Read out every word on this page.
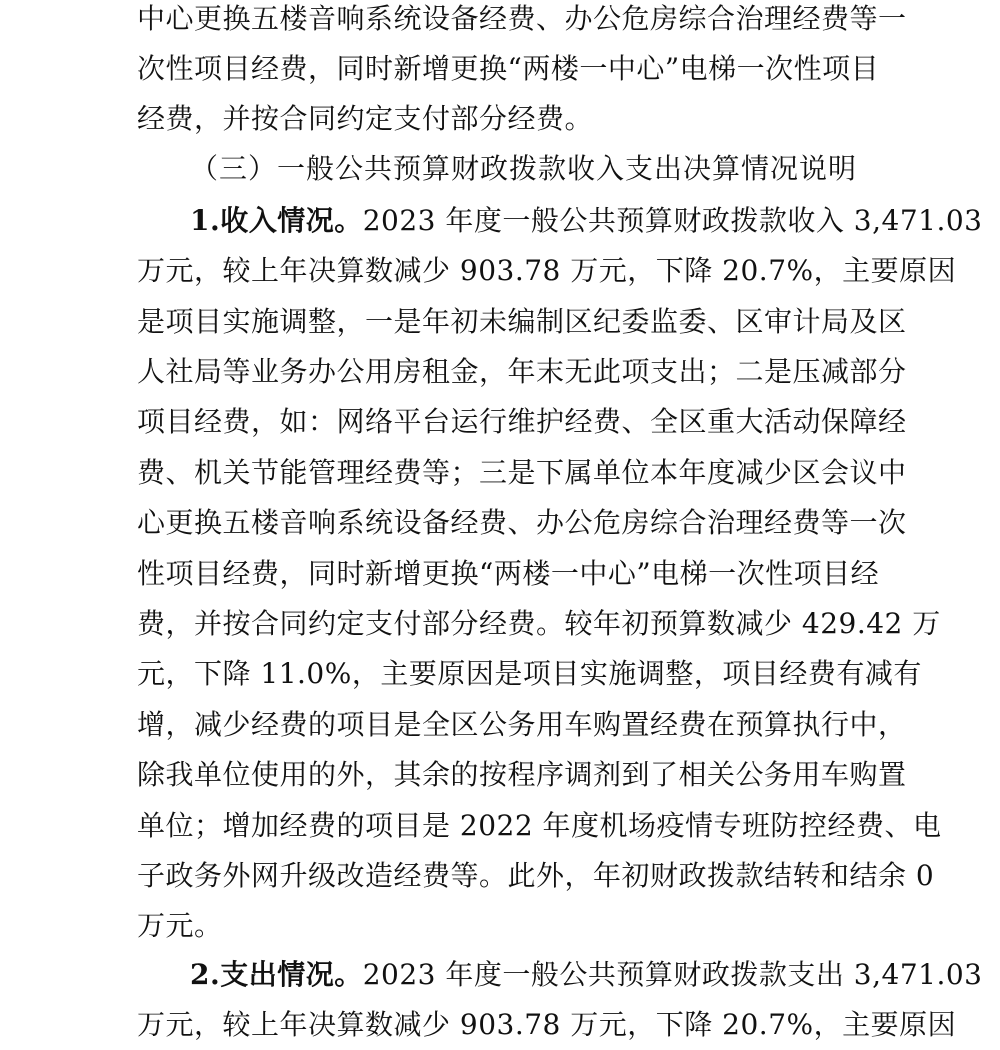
中心更换五楼音响系统设备经费、办公危房综合治理经费等一
次性项目经费，同时新增更换“两楼一中心”电梯一次性项目
经费，并按合同约定支付部分经费。
（三）一般公共预算财政拨款收入支出决算情况说明
1.收入情况。2023 年度一般公共预算财政拨款收入 3,471.03
万元，较上年决算数减少 903.78 万元，下降 20.7%，主要原因
是项目实施调整，一是年初未编制区纪委监委、区审计局及区
人社局等业务办公用房租金，年末无此项支出；二是压减部分
项目经费，如：网络平台运行维护经费、全区重大活动保障经
费、机关节能管理经费等；三是下属单位本年度减少区会议中
心更换五楼音响系统设备经费、办公危房综合治理经费等一次
性项目经费，同时新增更换“两楼一中心”电梯一次性项目经
费，并按合同约定支付部分经费。较年初预算数减少 429.42 万
元，下降 11.0%，主要原因是项目实施调整，项目经费有减有
增，减少经费的项目是全区公务用车购置经费在预算执行中，
除我单位使用的外，其余的按程序调剂到了相关公务用车购置
单位；增加经费的项目是 2022 年度机场疫情专班防控经费、电
子政务外网升级改造经费等。此外，年初财政拨款结转和结余 0
万元。
2.支出情况。2023 年度一般公共预算财政拨款支出 3,471.03
万元，较上年决算数减少 903.78 万元，下降 20.7%，主要原因
